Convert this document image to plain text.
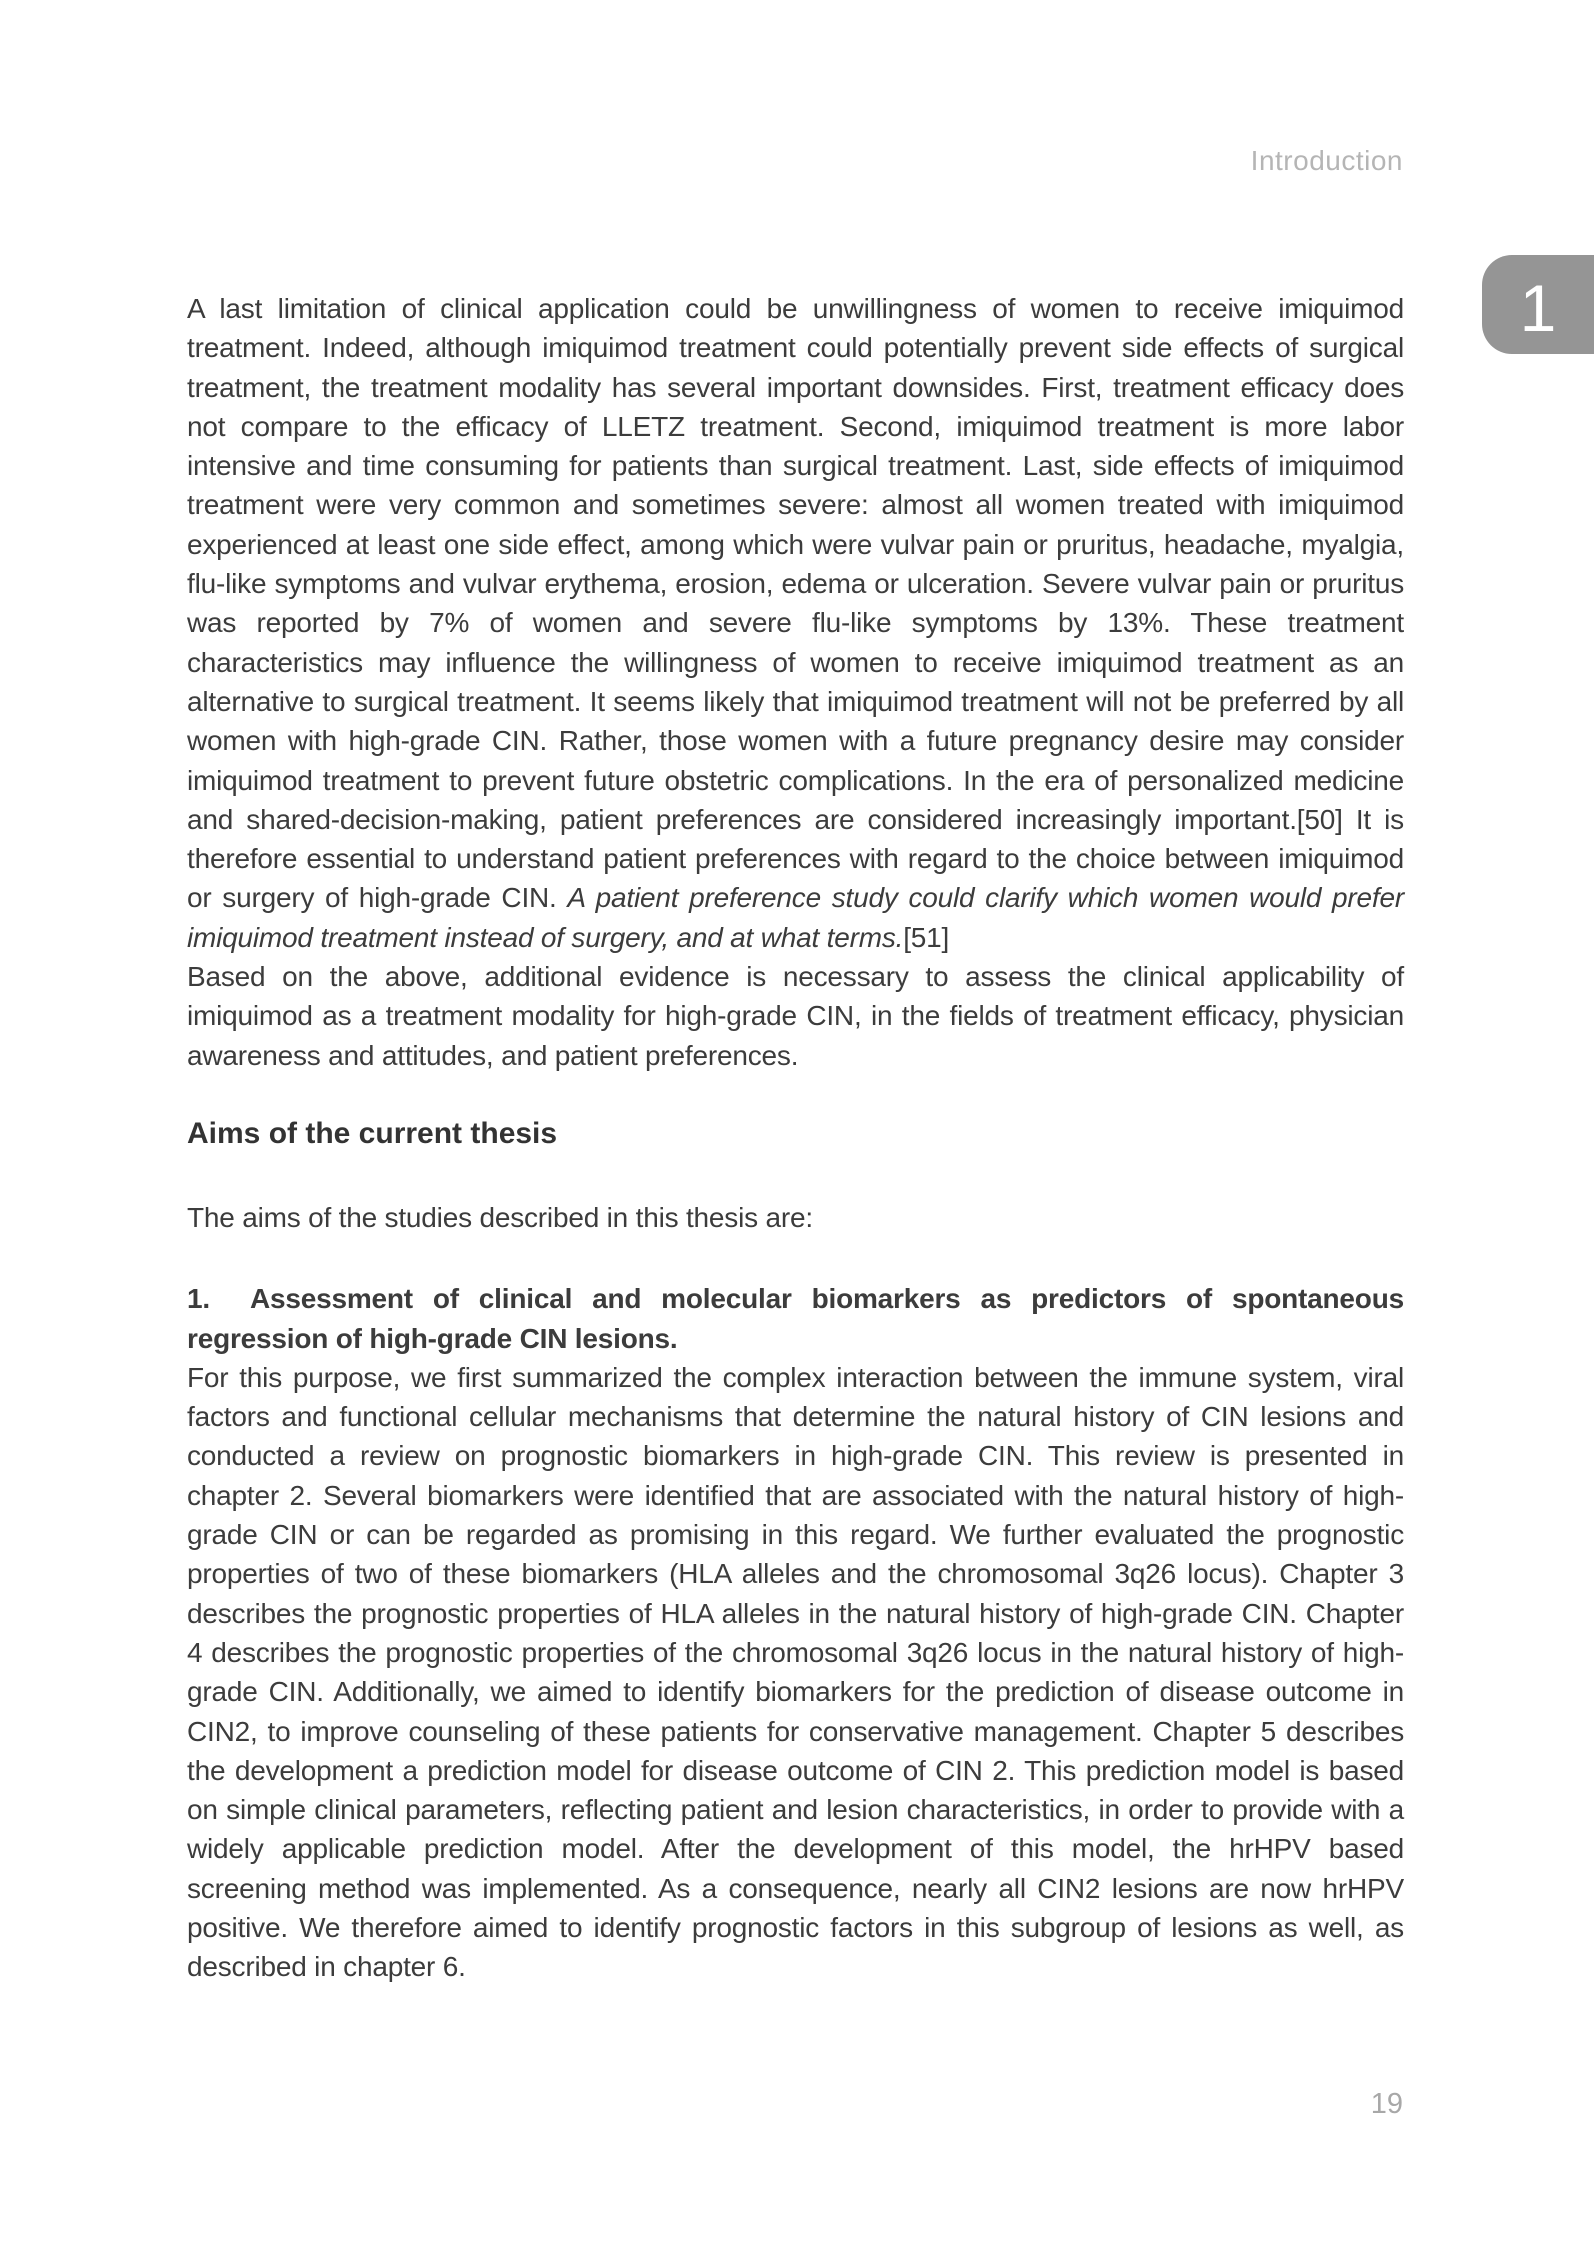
Introduction
1

A last limitation of clinical application could be unwillingness of women to receive imiquimod treatment. Indeed, although imiquimod treatment could potentially prevent side effects of surgical treatment, the treatment modality has several important downsides. First, treatment efficacy does not compare to the efficacy of LLETZ treatment. Second, imiquimod treatment is more labor intensive and time consuming for patients than surgical treatment. Last, side effects of imiquimod treatment were very common and sometimes severe: almost all women treated with imiquimod experienced at least one side effect, among which were vulvar pain or pruritus, headache, myalgia, flu-like symptoms and vulvar erythema, erosion, edema or ulceration. Severe vulvar pain or pruritus was reported by 7% of women and severe flu-like symptoms by 13%. These treatment characteristics may influence the willingness of women to receive imiquimod treatment as an alternative to surgical treatment. It seems likely that imiquimod treatment will not be preferred by all women with high-grade CIN. Rather, those women with a future pregnancy desire may consider imiquimod treatment to prevent future obstetric complications. In the era of personalized medicine and shared-decision-making, patient preferences are considered increasingly important.[50] It is therefore essential to understand patient preferences with regard to the choice between imiquimod or surgery of high-grade CIN. A patient preference study could clarify which women would prefer imiquimod treatment instead of surgery, and at what terms.[51]

Based on the above, additional evidence is necessary to assess the clinical applicability of imiquimod as a treatment modality for high-grade CIN, in the fields of treatment efficacy, physician awareness and attitudes, and patient preferences.

Aims of the current thesis

The aims of the studies described in this thesis are:

1. Assessment of clinical and molecular biomarkers as predictors of spontaneous regression of high-grade CIN lesions.

For this purpose, we first summarized the complex interaction between the immune system, viral factors and functional cellular mechanisms that determine the natural history of CIN lesions and conducted a review on prognostic biomarkers in high-grade CIN. This review is presented in chapter 2. Several biomarkers were identified that are associated with the natural history of high-grade CIN or can be regarded as promising in this regard. We further evaluated the prognostic properties of two of these biomarkers (HLA alleles and the chromosomal 3q26 locus). Chapter 3 describes the prognostic properties of HLA alleles in the natural history of high-grade CIN. Chapter 4 describes the prognostic properties of the chromosomal 3q26 locus in the natural history of high-grade CIN. Additionally, we aimed to identify biomarkers for the prediction of disease outcome in CIN2, to improve counseling of these patients for conservative management. Chapter 5 describes the development a prediction model for disease outcome of CIN 2. This prediction model is based on simple clinical parameters, reflecting patient and lesion characteristics, in order to provide with a widely applicable prediction model. After the development of this model, the hrHPV based screening method was implemented. As a consequence, nearly all CIN2 lesions are now hrHPV positive. We therefore aimed to identify prognostic factors in this subgroup of lesions as well, as described in chapter 6.

19
